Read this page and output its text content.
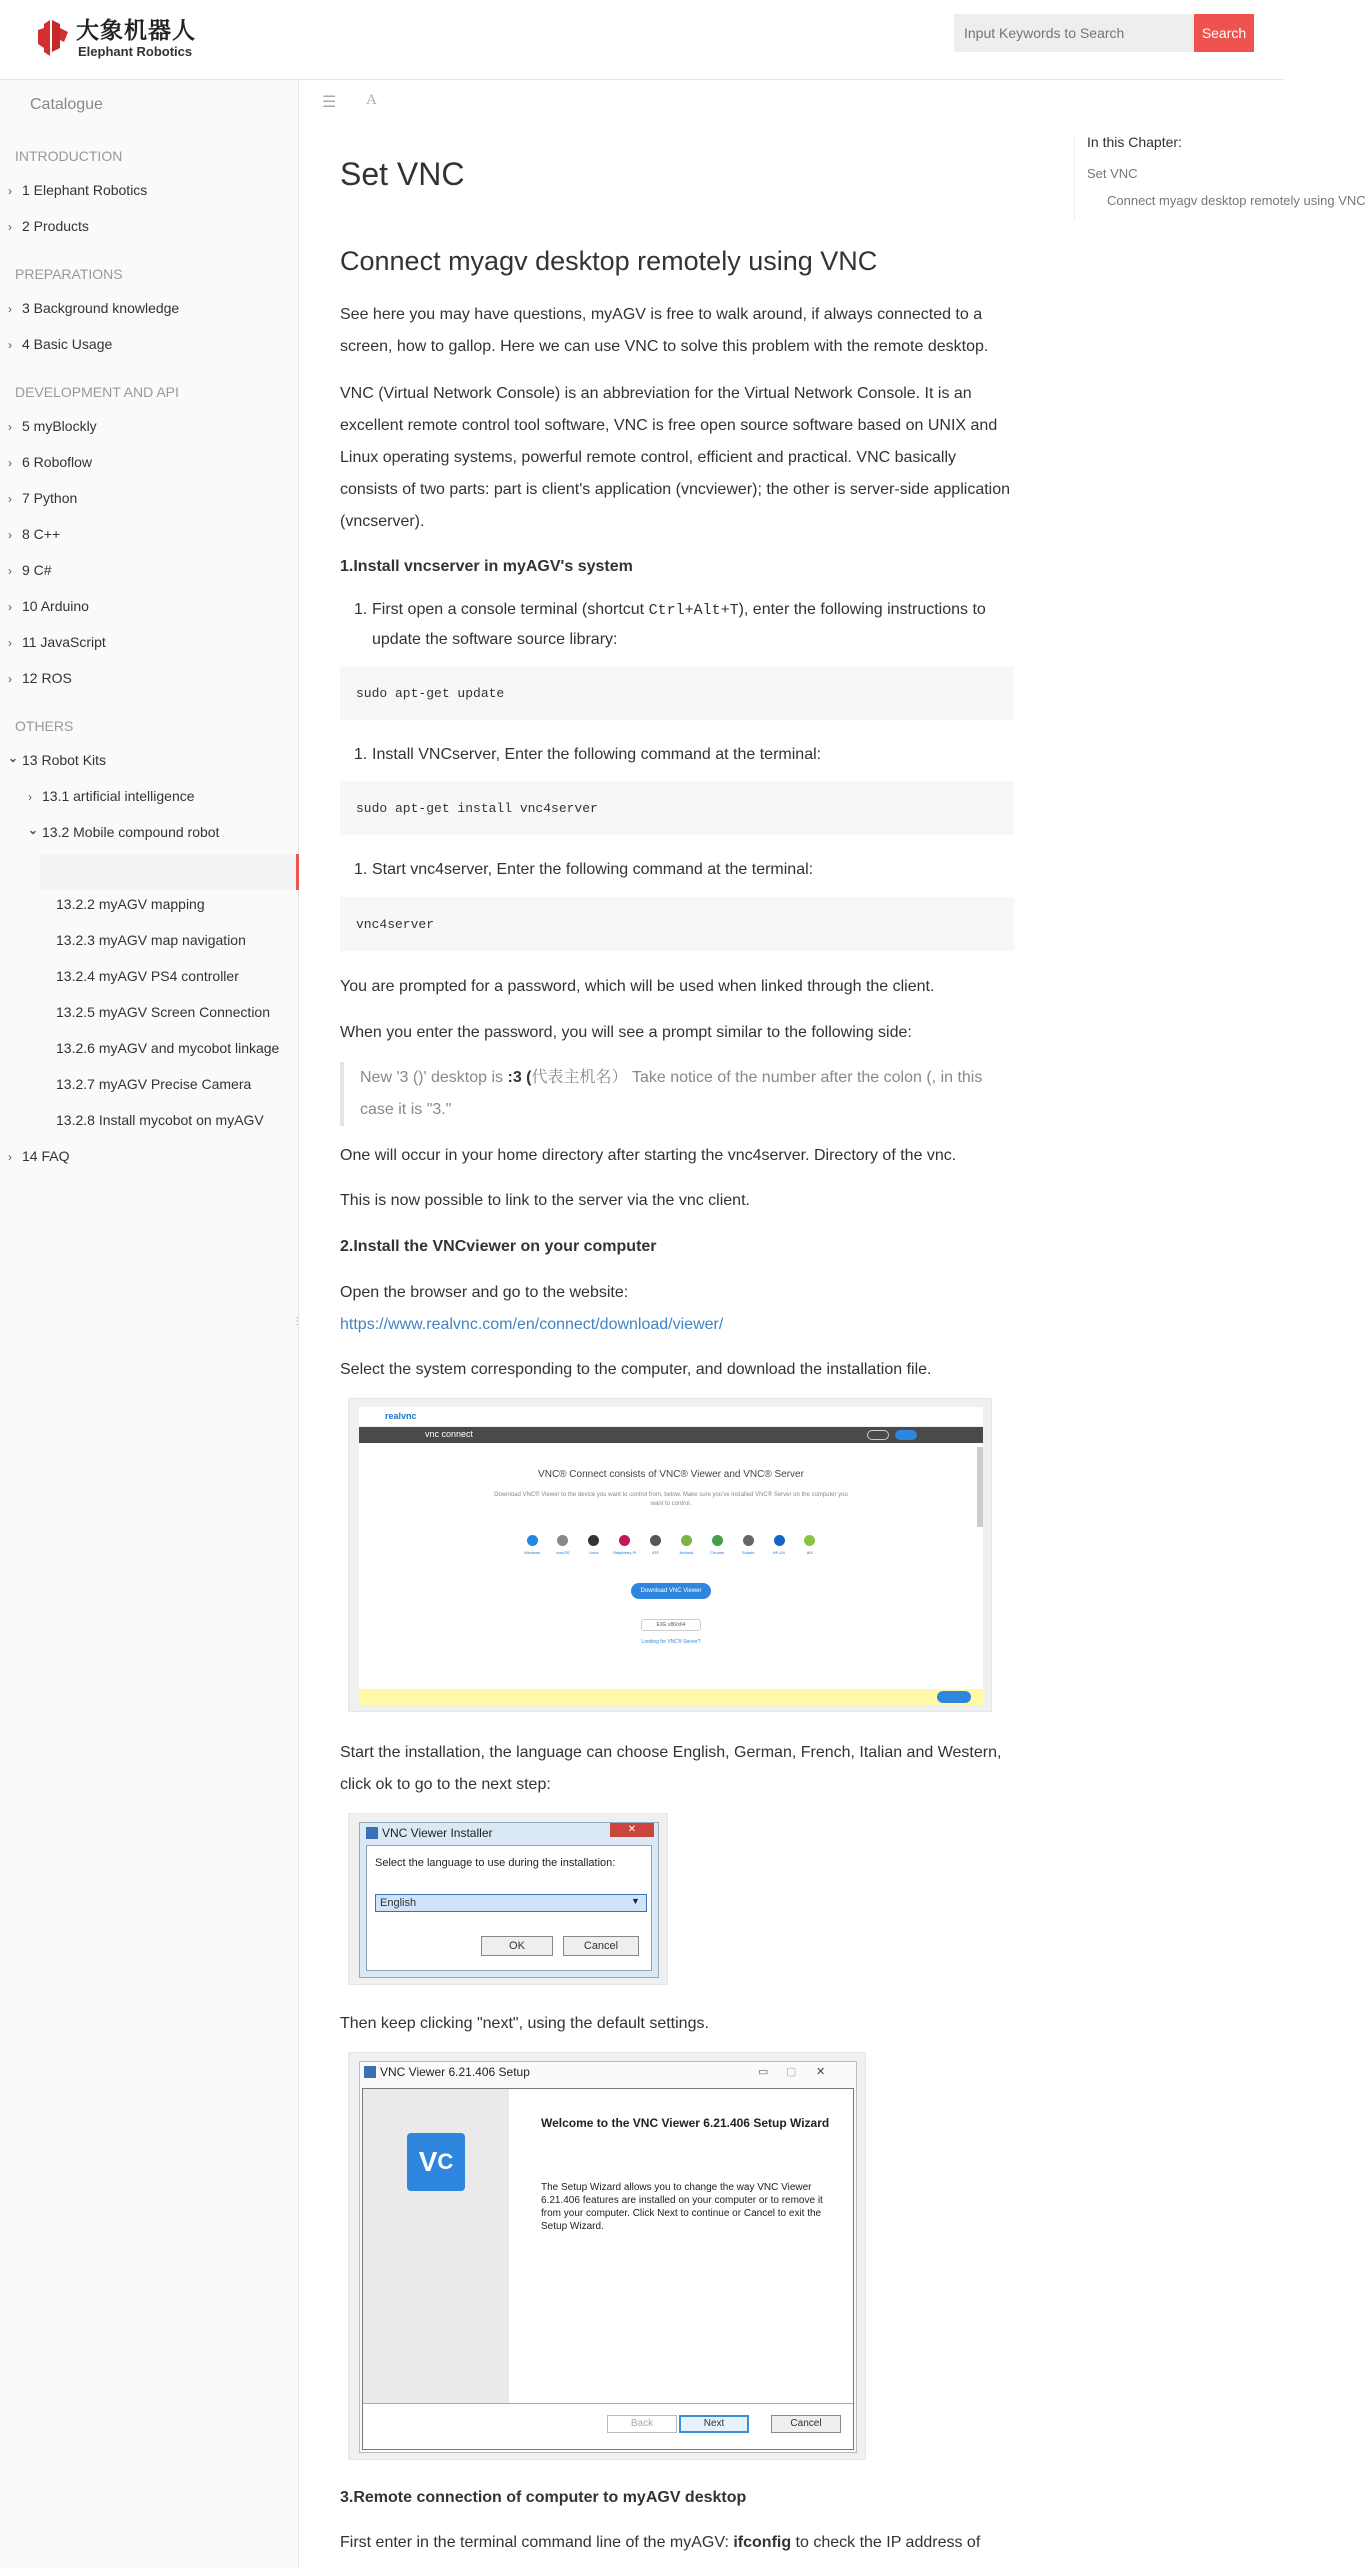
大象机器人
Elephant Robotics
Input Keywords to Search
Search
Catalogue
INTRODUCTION
› 1 Elephant Robotics
› 2 Products
PREPARATIONS
› 3 Background knowledge
› 4 Basic Usage
DEVELOPMENT AND API
› 5 myBlockly
› 6 Roboflow
› 7 Python
› 8 C++
› 9 C#
› 10 Arduino
› 11 JavaScript
› 12 ROS
OTHERS
⌄ 13 Robot Kits
› 13.1 artificial intelligence
⌄ 13.2 Mobile compound robot
13.2.2 myAGV mapping
13.2.3 myAGV map navigation
13.2.4 myAGV PS4 controller
13.2.5 myAGV Screen Connection
13.2.6 myAGV and mycobot linkage
13.2.7 myAGV Precise Camera
13.2.8 Install mycobot on myAGV
› 14 FAQ
⋮
☰ A
Set VNC
Connect myagv desktop remotely using VNC
See here you may have questions, myAGV is free to walk around, if always connected to a screen, how to gallop. Here we can use VNC to solve this problem with the remote desktop.
VNC (Virtual Network Console) is an abbreviation for the Virtual Network Console. It is an excellent remote control tool software, VNC is free open source software based on UNIX and Linux operating systems, powerful remote control, efficient and practical. VNC basically consists of two parts: part is client's application (vncviewer); the other is server-side application (vncserver).
1.Install vncserver in myAGV's system
1. First open a console terminal (shortcut Ctrl+Alt+T), enter the following instructions to update the software source library:
sudo apt-get update
1. Install VNCserver, Enter the following command at the terminal:
sudo apt-get install vnc4server
1. Start vnc4server, Enter the following command at the terminal:
vnc4server
You are prompted for a password, which will be used when linked through the client.
When you enter the password, you will see a prompt similar to the following side:
New '3 ()' desktop is :3 (代表主机名） Take notice of the number after the colon (, in this case it is "3."
One will occur in your home directory after starting the vnc4server. Directory of the vnc.
This is now possible to link to the server via the vnc client.
2.Install the VNCviewer on your computer
Open the browser and go to the website:
https://www.realvnc.com/en/connect/download/viewer/
Select the system corresponding to the computer, and download the installation file.
realvnc
vnc connect
VNC® Connect consists of VNC® Viewer and VNC® Server
Download VNC® Viewer to the device you want to control from, below. Make sure you've installed VNC® Server on the computer you want to control.
Windows	macOS	Linux	Raspberry Pi	iOS	Android	Chrome	Solaris	HP-UX	AIX
Download VNC Viewer
EXE x86/x64
Looking for VNC® Server?
Start the installation, the language can choose English, German, French, Italian and Western, click ok to go to the next step:
VNC Viewer Installer	✕
Select the language to use during the installation:
English	▼
OK	Cancel
Then keep clicking "next", using the default settings.
VNC Viewer 6.21.406 Setup	▭ ▢ ✕
V C
Welcome to the VNC Viewer 6.21.406 Setup Wizard
The Setup Wizard allows you to change the way VNC Viewer 6.21.406 features are installed on your computer or to remove it from your computer. Click Next to continue or Cancel to exit the Setup Wizard.
Back	Next	Cancel
3.Remote connection of computer to myAGV desktop
First enter in the terminal command line of the myAGV: ifconfig to check the IP address of
In this Chapter:
Set VNC
Connect myagv desktop remotely using VNC
